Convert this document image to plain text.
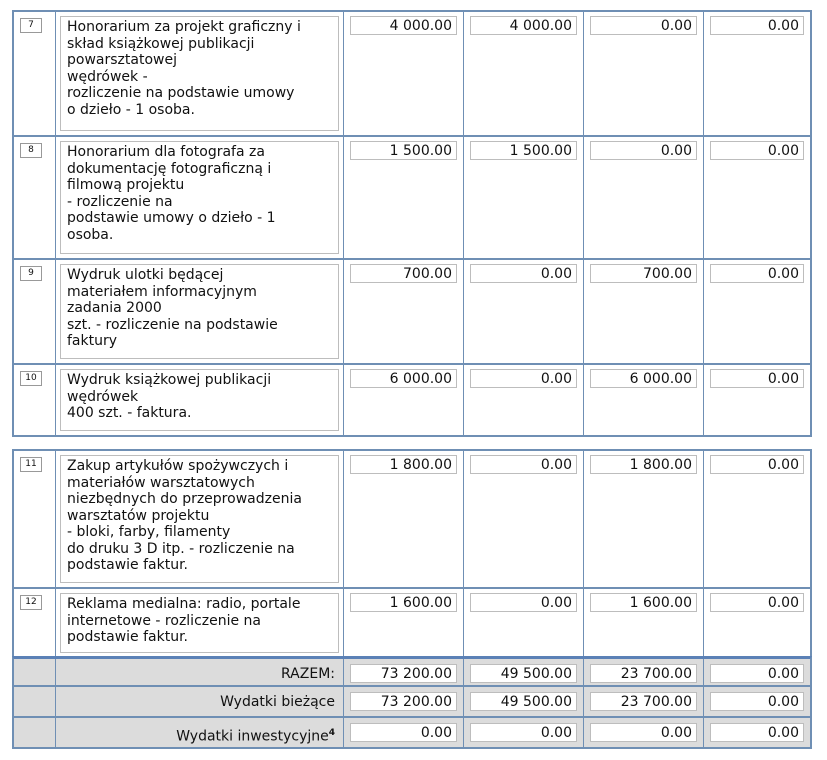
7	Honorarium za projekt graficzny i
skład książkowej publikacji
powarsztatowej
wędrówek -
rozliczenie na podstawie umowy
o dzieło - 1 osoba.
4 000.00	4 000.00	0.00	0.00
8	Honorarium dla fotografa za
dokumentację fotograficzną i
filmową projektu
- rozliczenie na
podstawie umowy o dzieło - 1
osoba.
1 500.00	1 500.00	0.00	0.00
9	Wydruk ulotki będącej
materiałem informacyjnym
zadania 2000
szt. - rozliczenie na podstawie
faktury
700.00	0.00	700.00	0.00
10	Wydruk książkowej publikacji
wędrówek
400 szt. - faktura.
6 000.00	0.00	6 000.00	0.00
11	Zakup artykułów spożywczych i
materiałów warsztatowych
niezbędnych do przeprowadzenia
warsztatów projektu
- bloki, farby, filamenty
do druku 3 D itp. - rozliczenie na
podstawie faktur.
1 800.00	0.00	1 800.00	0.00
12	Reklama medialna: radio, portale
internetowe - rozliczenie na
podstawie faktur.
1 600.00	0.00	1 600.00	0.00
RAZEM:	73 200.00	49 500.00	23 700.00	0.00
Wydatki bieżące	73 200.00	49 500.00	23 700.00	0.00
Wydatki inwestycyjne$^4$	0.00	0.00	0.00	0.00
